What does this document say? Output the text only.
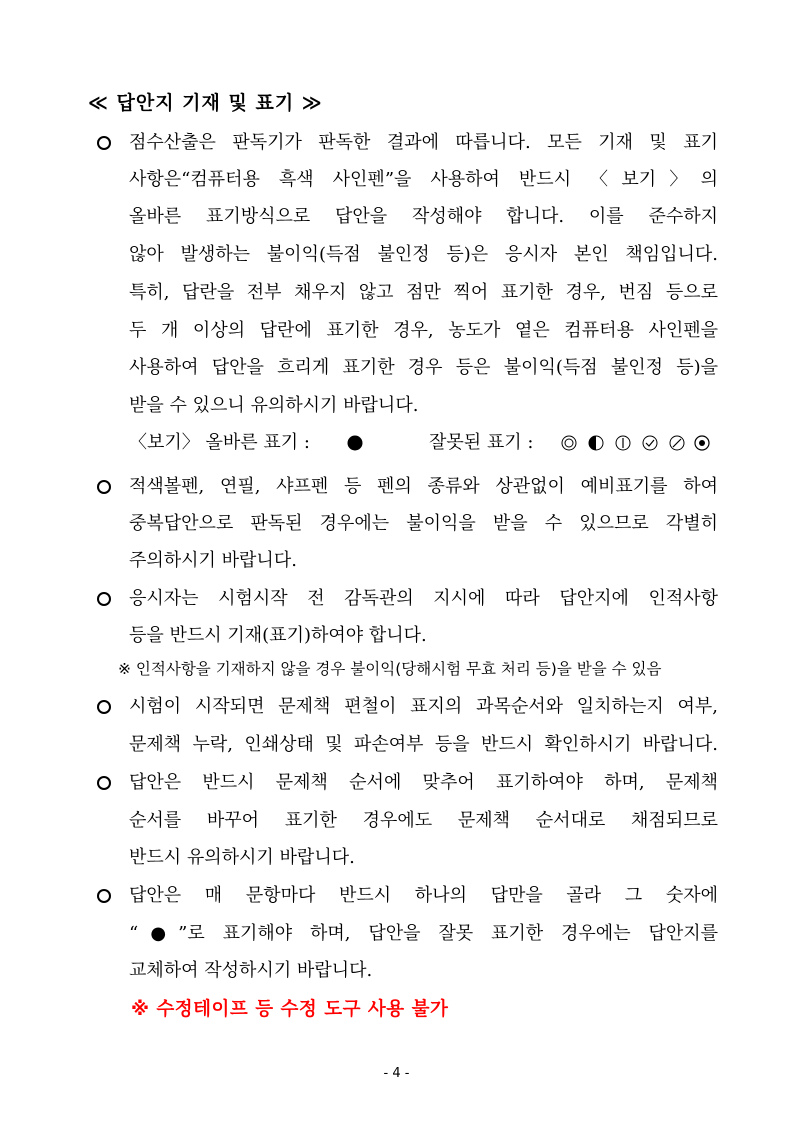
≪ 답안지 기재 및 표기 ≫
점수산출은 판독기가 판독한 결과에 따릅니다. 모든 기재 및 표기
사항은“컴퓨터용 흑색 사인펜”을 사용하여 반드시 〈보기〉의
올바른 표기방식으로 답안을 작성해야 합니다. 이를 준수하지
않아 발생하는 불이익(득점 불인정 등)은 응시자 본인 책임입니다.
특히, 답란을 전부 채우지 않고 점만 찍어 표기한 경우, 번짐 등으로
두 개 이상의 답란에 표기한 경우, 농도가 옅은 컴퓨터용 사인펜을
사용하여 답안을 흐리게 표기한 경우 등은 불이익(득점 불인정 등)을
받을 수 있으니 유의하시기 바랍니다.
〈보기〉 올바른 표기 :	잘못된 표기 :
적색볼펜, 연필, 샤프펜 등 펜의 종류와 상관없이 예비표기를 하여
중복답안으로 판독된 경우에는 불이익을 받을 수 있으므로 각별히
주의하시기 바랍니다.
응시자는 시험시작 전 감독관의 지시에 따라 답안지에 인적사항
등을 반드시 기재(표기)하여야 합니다.
※ 인적사항을 기재하지 않을 경우 불이익(당해시험 무효 처리 등)을 받을 수 있음
시험이 시작되면 문제책 편철이 표지의 과목순서와 일치하는지 여부,
문제책 누락, 인쇄상태 및 파손여부 등을 반드시 확인하시기 바랍니다.
답안은 반드시 문제책 순서에 맞추어 표기하여야 하며, 문제책
순서를 바꾸어 표기한 경우에도 문제책 순서대로 채점되므로
반드시 유의하시기 바랍니다.
답안은 매 문항마다 반드시 하나의 답만을 골라 그 숫자에
“●”로 표기해야 하며, 답안을 잘못 표기한 경우에는 답안지를
교체하여 작성하시기 바랍니다.
※ 수정테이프 등 수정 도구 사용 불가
- 4 -
